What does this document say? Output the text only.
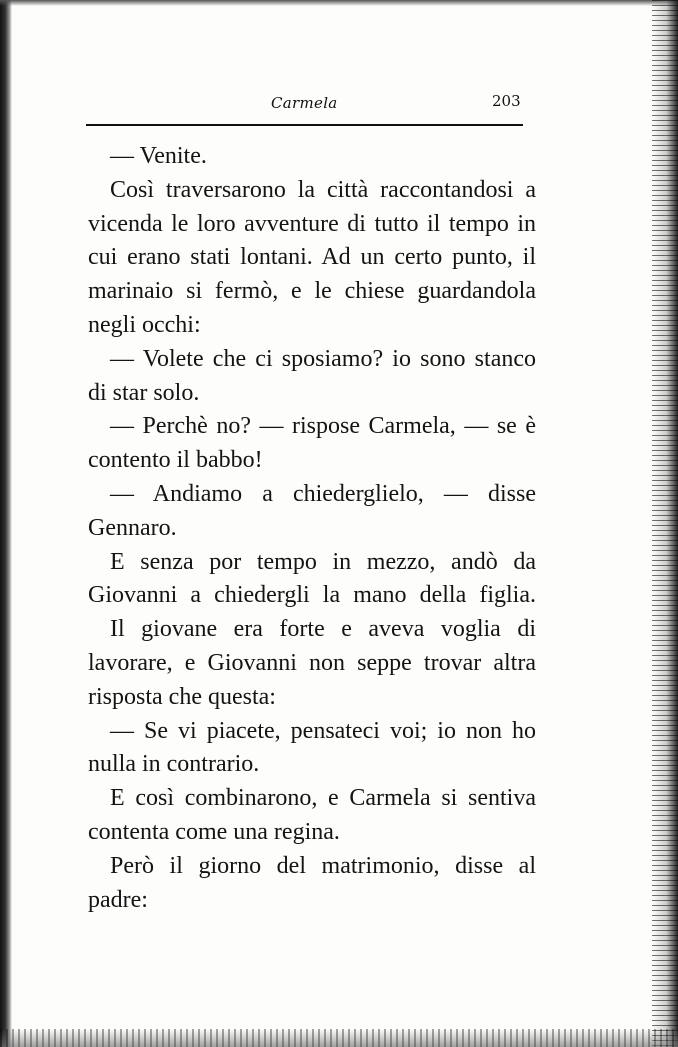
Carmela	203

— Venite.

Così traversarono la città raccontandosi a vicenda le loro avventure di tutto il tempo in cui erano stati lontani. Ad un certo punto, il marinaio si fermò, e le chiese guardandola negli occhi:

— Volete che ci sposiamo? io sono stanco di star solo.

— Perchè no? — rispose Carmela, — se è contento il babbo!

— Andiamo a chiederglielo, — disse Gennaro.

E senza por tempo in mezzo, andò da Giovanni a chiedergli la mano della figlia.

Il giovane era forte e aveva voglia di lavorare, e Giovanni non seppe trovar altra risposta che questa:

— Se vi piacete, pensateci voi; io non ho nulla in contrario.

E così combinarono, e Carmela si sentiva contenta come una regina.

Però il giorno del matrimonio, disse al padre:
